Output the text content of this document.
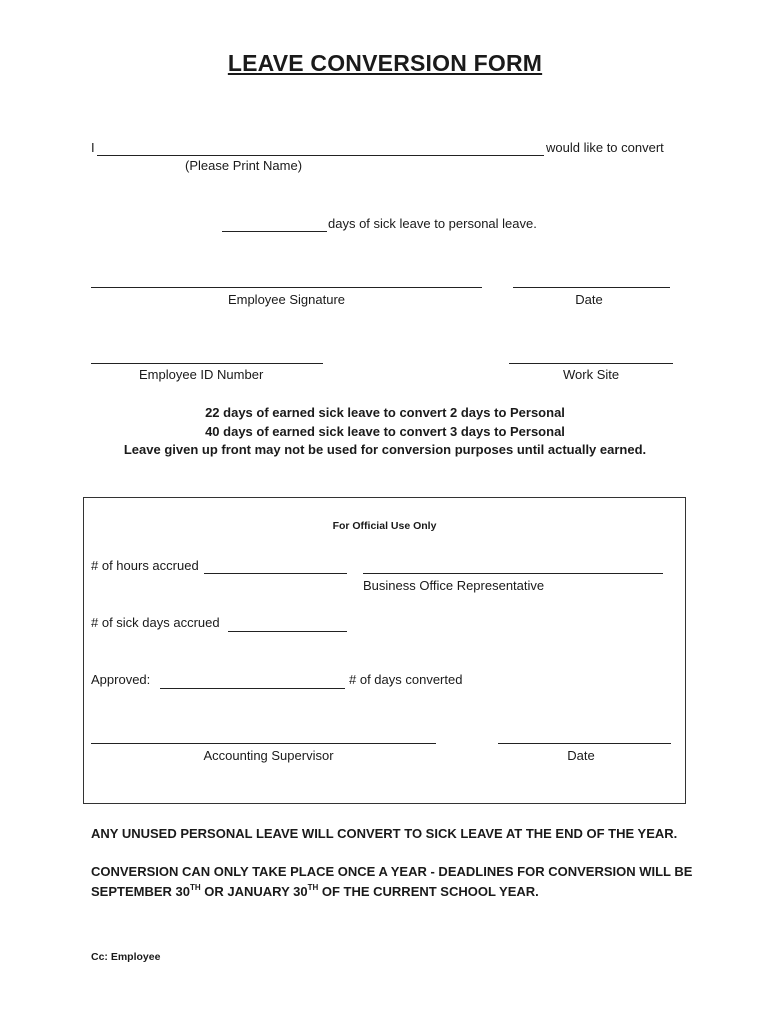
LEAVE CONVERSION FORM
I	would like to convert
(Please Print Name)
days of sick leave to personal leave.
Employee Signature	Date
Employee ID Number	Work Site
22 days of earned sick leave to convert 2 days to Personal
40 days of earned sick leave to convert 3 days to Personal
Leave given up front may not be used for conversion purposes until actually earned.
For Official Use Only
# of hours accrued
Business Office Representative
# of sick days accrued
Approved:	# of days converted
Accounting Supervisor	Date
ANY UNUSED PERSONAL LEAVE WILL CONVERT TO SICK LEAVE AT THE END OF THE YEAR.
CONVERSION CAN ONLY TAKE PLACE ONCE A YEAR - DEADLINES FOR CONVERSION WILL BE
SEPTEMBER 30TH OR JANUARY 30TH OF THE CURRENT SCHOOL YEAR.
Cc: Employee
